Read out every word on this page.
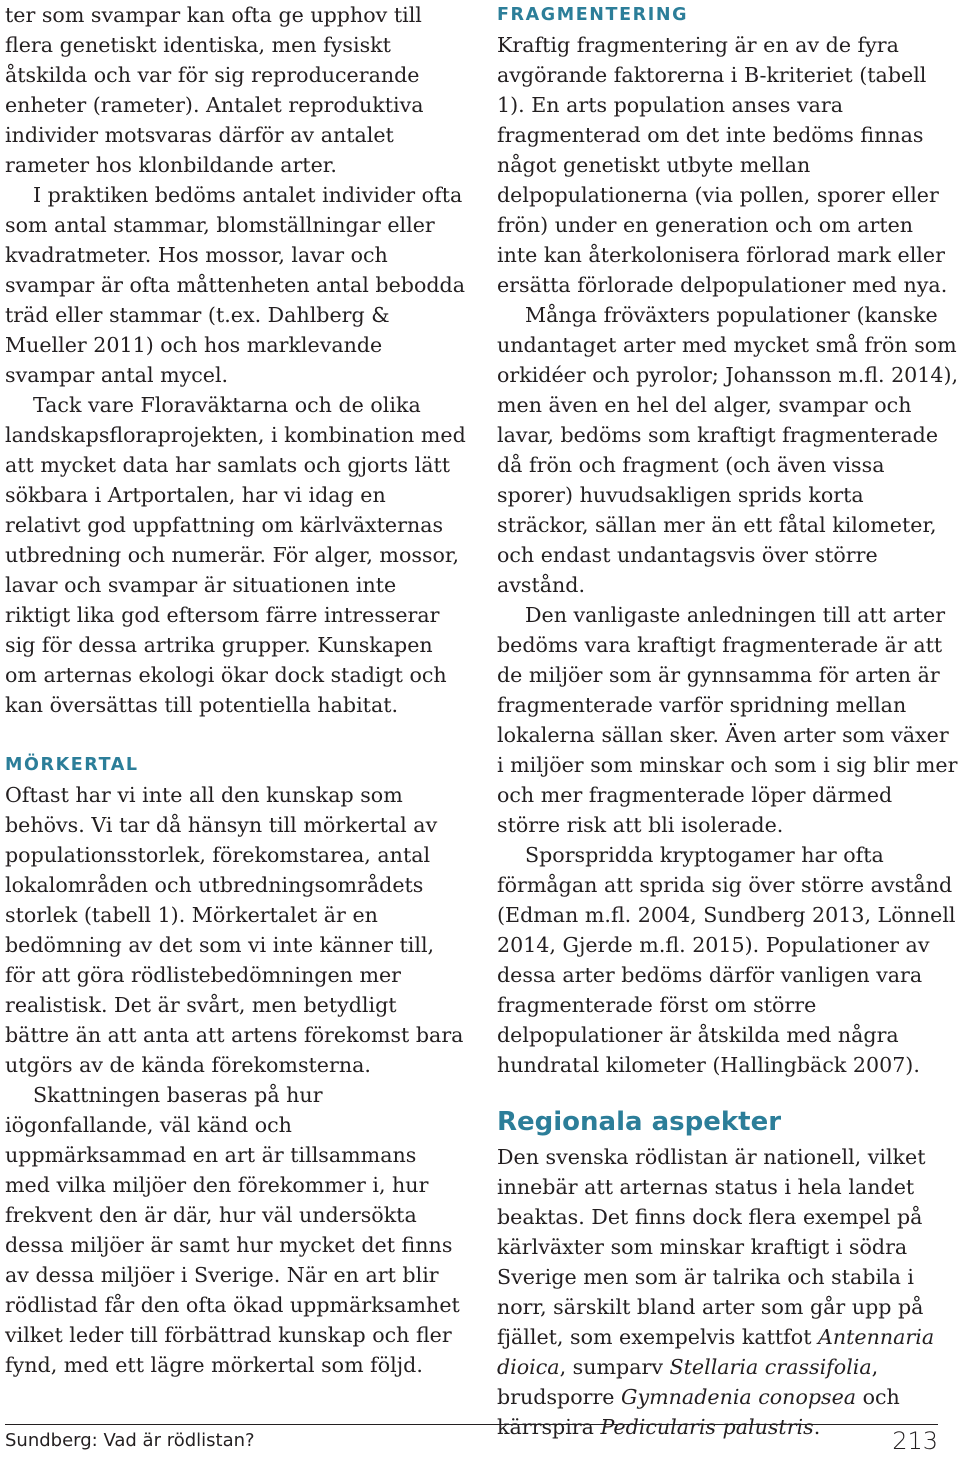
ter som svampar kan ofta ge upphov till flera genetiskt identiska, men fysiskt åtskilda och var för sig reproducerande enheter (rameter). Antalet reproduktiva individer motsvaras därför av antalet rameter hos klonbildande arter.

I praktiken bedöms antalet individer ofta som antal stammar, blomställningar eller kvadratmeter. Hos mossor, lavar och svampar är ofta måttenheten antal bebodda träd eller stammar (t.ex. Dahlberg & Mueller 2011) och hos marklevande svampar antal mycel.

Tack vare Floraväktarna och de olika landskapsfloraprojekten, i kombination med att mycket data har samlats och gjorts lätt sökbara i Artportalen, har vi idag en relativt god uppfattning om kärlväxternas utbredning och numerär. För alger, mossor, lavar och svampar är situationen inte riktigt lika god eftersom färre intresserar sig för dessa artrika grupper. Kunskapen om arternas ekologi ökar dock stadigt och kan översättas till potentiella habitat.

MÖRKERTAL

Oftast har vi inte all den kunskap som behövs. Vi tar då hänsyn till mörkertal av populationsstorlek, förekomstarea, antal lokalområden och utbredningsområdets storlek (tabell 1). Mörkertalet är en bedömning av det som vi inte känner till, för att göra rödlistebedömningen mer realistisk. Det är svårt, men betydligt bättre än att anta att artens förekomst bara utgörs av de kända förekomsterna.

Skattningen baseras på hur iögonfallande, väl känd och uppmärksammad en art är tillsammans med vilka miljöer den förekommer i, hur frekvent den är där, hur väl undersökta dessa miljöer är samt hur mycket det finns av dessa miljöer i Sverige. När en art blir rödlistad får den ofta ökad uppmärksamhet vilket leder till förbättrad kunskap och fler fynd, med ett lägre mörkertal som följd.

FRAGMENTERING

Kraftig fragmentering är en av de fyra avgörande faktorerna i B-kriteriet (tabell 1). En arts population anses vara fragmenterad om det inte bedöms finnas något genetiskt utbyte mellan delpopulationerna (via pollen, sporer eller frön) under en generation och om arten inte kan återkolonisera förlorad mark eller ersätta förlorade delpopulationer med nya.

Många fröväxters populationer (kanske undantaget arter med mycket små frön som orkidéer och pyrolor; Johansson m.fl. 2014), men även en hel del alger, svampar och lavar, bedöms som kraftigt fragmenterade då frön och fragment (och även vissa sporer) huvudsakligen sprids korta sträckor, sällan mer än ett fåtal kilometer, och endast undantagsvis över större avstånd.

Den vanligaste anledningen till att arter bedöms vara kraftigt fragmenterade är att de miljöer som är gynnsamma för arten är fragmenterade varför spridning mellan lokalerna sällan sker. Även arter som växer i miljöer som minskar och som i sig blir mer och mer fragmenterade löper därmed större risk att bli isolerade.

Sporspridda kryptogamer har ofta förmågan att sprida sig över större avstånd (Edman m.fl. 2004, Sundberg 2013, Lönnell 2014, Gjerde m.fl. 2015). Populationer av dessa arter bedöms därför vanligen vara fragmenterade först om större delpopulationer är åtskilda med några hundratal kilometer (Hallingbäck 2007).

Regionala aspekter

Den svenska rödlistan är nationell, vilket innebär att arternas status i hela landet beaktas. Det finns dock flera exempel på kärlväxter som minskar kraftigt i södra Sverige men som är talrika och stabila i norr, särskilt bland arter som går upp på fjället, som exempelvis kattfot Antennaria dioica, sumparv Stellaria crassifolia, brudsporre Gymnadenia conopsea och kärrspira Pedicularis palustris.

Sundberg: Vad är rödlistan?	213
